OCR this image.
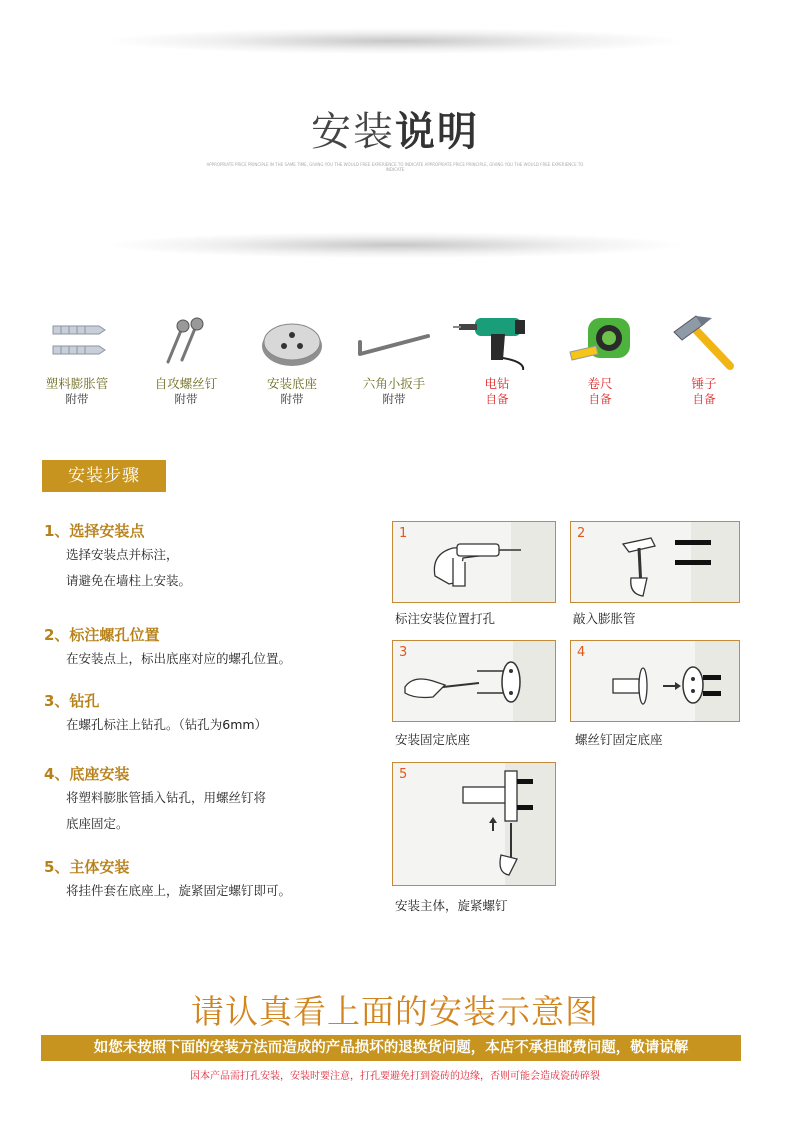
安装说明
APPROPRIATE PRICE PRINCIPLE IN THE SAME TIME, GIVING YOU THE WOULD FREE EXPERIENCE TO INDICATE APPROPRIATE PRICE PRINCIPLE, GIVING YOU THE WOULD FREE EXPERIENCE TO INDICATE
塑料膨胀管
附带
自攻螺丝钉
附带
安装底座
附带
六角小扳手
附带
电钻
自备
卷尺
自备
锤子
自备
安装步骤
1、选择安装点

选择安装点并标注，

请避免在墙柱上安装。

2、标注螺孔位置

在安装点上，标出底座对应的螺孔位置。

3、钻孔

在螺孔标注上钻孔。（钻孔为6mm）

4、底座安装

将塑料膨胀管插入钻孔，用螺丝钉将

底座固定。

5、主体安装

将挂件套在底座上，旋紧固定螺钉即可。

1
标注安装位置打孔
2
敲入膨胀管
3
安装固定底座
4
螺丝钉固定底座
5
安装主体，旋紧螺钉
请认真看上面的安装示意图
如您未按照下面的安装方法而造成的产品损坏的退换货问题，本店不承担邮费问题，敬请谅解
因本产品需打孔安装，安装时要注意，打孔要避免打到瓷砖的边缘，否则可能会造成瓷砖碎裂
